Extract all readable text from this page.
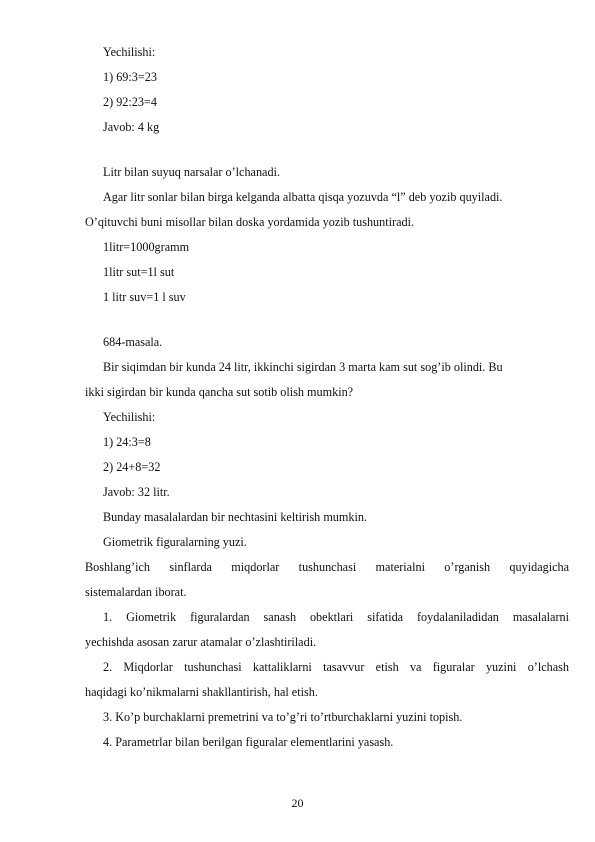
Yechilishi:
1) 69:3=23
2) 92:23=4
Javob: 4 kg
Litr bilan suyuq narsalar o’lchanadi.
Agar litr sonlar bilan birga kelganda albatta qisqa yozuvda “l” deb yozib quyiladi.
O’qituvchi buni misollar bilan doska yordamida yozib tushuntiradi.
1litr=1000gramm
1litr sut=1l sut
1 litr suv=1 l suv
684-masala.
Bir siqimdan bir kunda 24 litr, ikkinchi sigirdan 3 marta kam sut sog’ib olindi. Bu
ikki sigirdan bir kunda qancha sut sotib olish mumkin?
Yechilishi:
1) 24:3=8
2) 24+8=32
Javob: 32 litr.
Bunday masalalardan bir nechtasini keltirish mumkin.
Giometrik figuralarning yuzi.
Boshlang’ich sinflarda miqdorlar tushunchasi materialni o’rganish quyidagicha
sistemalardan iborat.
1. Giometrik figuralardan sanash obektlari sifatida foydalaniladidan masalalarni
yechishda asosan zarur atamalar o’zlashtiriladi.
2. Miqdorlar tushunchasi kattaliklarni tasavvur etish va figuralar yuzini o’lchash
haqidagi ko’nikmalarni shakllantirish, hal etish.
3. Ko’p burchaklarni premetrini va to’g’ri to’rtburchaklarni yuzini topish.
4. Parametrlar bilan berilgan figuralar elementlarini yasash.
20
